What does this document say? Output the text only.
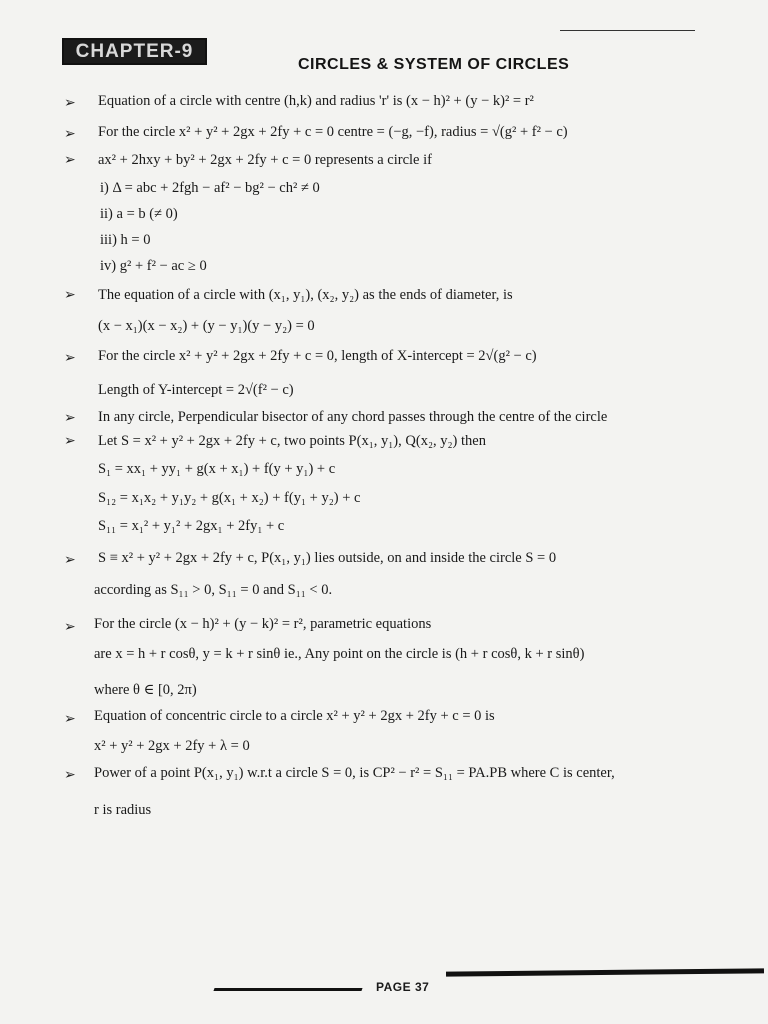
CHAPTER-9
CIRCLES & SYSTEM OF CIRCLES
➢
➢
➢
➢
➢
➢
➢
➢
➢
➢
➢
Equation of a circle with centre (h,k) and radius 'r' is (x − h)² + (y − k)² = r²
For the circle x² + y² + 2gx + 2fy + c = 0 centre = (−g, −f), radius = √(g² + f² − c)
ax² + 2hxy + by² + 2gx + 2fy + c = 0 represents a circle if
i) Δ = abc + 2fgh − af² − bg² − ch² ≠ 0
ii) a = b (≠ 0)
iii) h = 0
iv) g² + f² − ac ≥ 0
The equation of a circle with (x₁, y₁), (x₂, y₂) as the ends of diameter, is
(x − x₁)(x − x₂) + (y − y₁)(y − y₂) = 0
For the circle x² + y² + 2gx + 2fy + c = 0, length of X-intercept = 2√(g² − c)
Length of Y-intercept = 2√(f² − c)
In any circle, Perpendicular bisector of any chord passes through the centre of the circle
Let S = x² + y² + 2gx + 2fy + c, two points P(x₁, y₁), Q(x₂, y₂) then
S₁ = xx₁ + yy₁ + g(x + x₁) + f(y + y₁) + c
S₁₂ = x₁x₂ + y₁y₂ + g(x₁ + x₂) + f(y₁ + y₂) + c
S₁₁ = x₁² + y₁² + 2gx₁ + 2fy₁ + c
S ≡ x² + y² + 2gx + 2fy + c, P(x₁, y₁) lies outside, on and inside the circle S = 0
according as S₁₁ > 0, S₁₁ = 0 and S₁₁ < 0.
For the circle (x − h)² + (y − k)² = r², parametric equations
are x = h + r cosθ, y = k + r sinθ ie., Any point on the circle is (h + r cosθ, k + r sinθ)
where θ ∈ [0, 2π)
Equation of concentric circle to a circle x² + y² + 2gx + 2fy + c = 0 is
x² + y² + 2gx + 2fy + λ = 0
Power of a point P(x₁, y₁) w.r.t a circle S = 0, is CP² − r² = S₁₁ = PA.PB where C is center,
r is radius
PAGE 37
